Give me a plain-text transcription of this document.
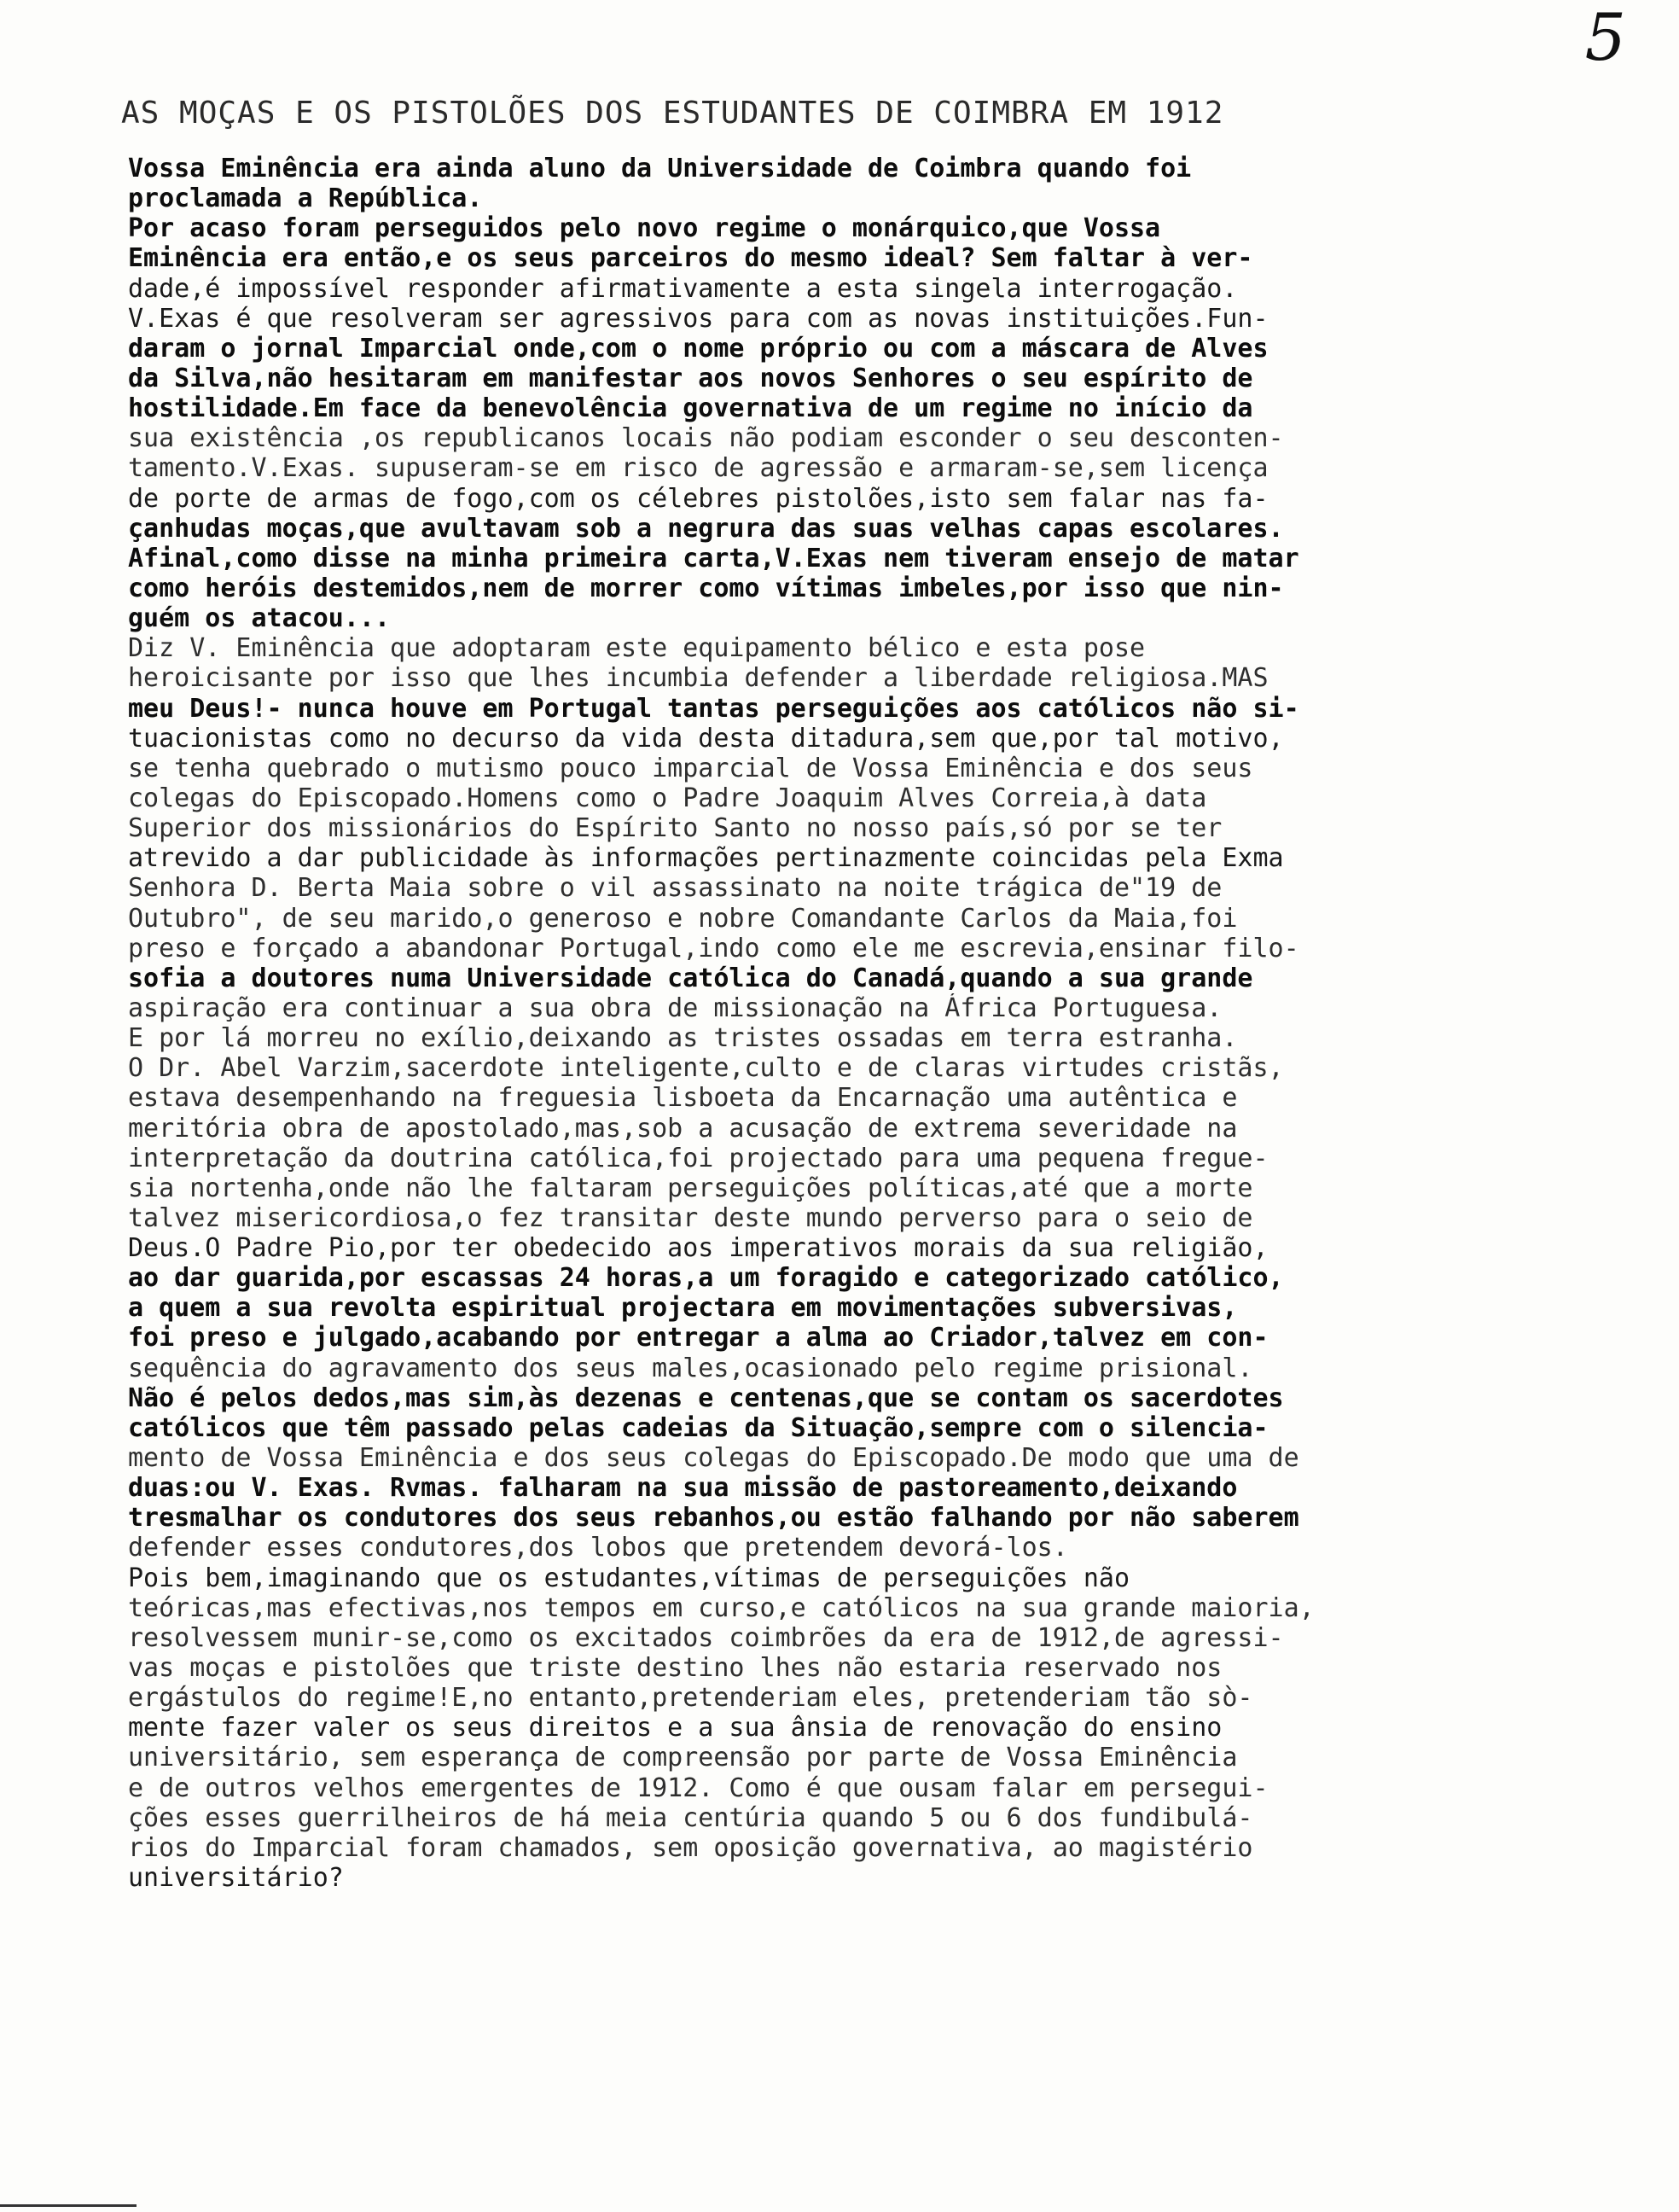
5
AS MOÇAS E OS PISTOLÕES DOS ESTUDANTES DE COIMBRA EM 1912
Vossa Eminência era ainda aluno da Universidade de Coimbra quando foi
proclamada a República.
Por acaso foram perseguidos pelo novo regime o monárquico,que Vossa
Eminência era então,e os seus parceiros do mesmo ideal? Sem faltar à ver-
dade,é impossível responder afirmativamente a esta singela interrogação.
V.Exas é que resolveram ser agressivos para com as novas instituições.Fun-
daram o jornal Imparcial onde,com o nome próprio ou com a máscara de Alves
da Silva,não hesitaram em manifestar aos novos Senhores o seu espírito de
hostilidade.Em face da benevolência governativa de um regime no início da
sua existência ,os republicanos locais não podiam esconder o seu desconten-
tamento.V.Exas. supuseram-se em risco de agressão e armaram-se,sem licença
de porte de armas de fogo,com os célebres pistolões,isto sem falar nas fa-
çanhudas moças,que avultavam sob a negrura das suas velhas capas escolares.
Afinal,como disse na minha primeira carta,V.Exas nem tiveram ensejo de matar
como heróis destemidos,nem de morrer como vítimas imbeles,por isso que nin-
guém os atacou...
Diz V. Eminência que adoptaram este equipamento bélico e esta pose
heroicisante por isso que lhes incumbia defender a liberdade religiosa.MAS
meu Deus!- nunca houve em Portugal tantas perseguições aos católicos não si-
tuacionistas como no decurso da vida desta ditadura,sem que,por tal motivo,
se tenha quebrado o mutismo pouco imparcial de Vossa Eminência e dos seus
colegas do Episcopado.Homens como o Padre Joaquim Alves Correia,à data
Superior dos missionários do Espírito Santo no nosso país,só por se ter
atrevido a dar publicidade às informações pertinazmente coincidas pela Exma
Senhora D. Berta Maia sobre o vil assassinato na noite trágica de"19 de
Outubro", de seu marido,o generoso e nobre Comandante Carlos da Maia,foi
preso e forçado a abandonar Portugal,indo como ele me escrevia,ensinar filo-
sofia a doutores numa Universidade católica do Canadá,quando a sua grande
aspiração era continuar a sua obra de missionação na África Portuguesa.
E por lá morreu no exílio,deixando as tristes ossadas em terra estranha.
O Dr. Abel Varzim,sacerdote inteligente,culto e de claras virtudes cristãs,
estava desempenhando na freguesia lisboeta da Encarnação uma autêntica e
meritória obra de apostolado,mas,sob a acusação de extrema severidade na
interpretação da doutrina católica,foi projectado para uma pequena fregue-
sia nortenha,onde não lhe faltaram perseguições políticas,até que a morte
talvez misericordiosa,o fez transitar deste mundo perverso para o seio de
Deus.O Padre Pio,por ter obedecido aos imperativos morais da sua religião,
ao dar guarida,por escassas 24 horas,a um foragido e categorizado católico,
a quem a sua revolta espiritual projectara em movimentações subversivas,
foi preso e julgado,acabando por entregar a alma ao Criador,talvez em con-
sequência do agravamento dos seus males,ocasionado pelo regime prisional.
Não é pelos dedos,mas sim,às dezenas e centenas,que se contam os sacerdotes
católicos que têm passado pelas cadeias da Situação,sempre com o silencia-
mento de Vossa Eminência e dos seus colegas do Episcopado.De modo que uma de
duas:ou V. Exas. Rvmas. falharam na sua missão de pastoreamento,deixando
tresmalhar os condutores dos seus rebanhos,ou estão falhando por não saberem
defender esses condutores,dos lobos que pretendem devorá-los.
Pois bem,imaginando que os estudantes,vítimas de perseguições não
teóricas,mas efectivas,nos tempos em curso,e católicos na sua grande maioria,
resolvessem munir-se,como os excitados coimbrões da era de 1912,de agressi-
vas moças e pistolões que triste destino lhes não estaria reservado nos
ergástulos do regime!E,no entanto,pretenderiam eles, pretenderiam tão sò-
mente fazer valer os seus direitos e a sua ânsia de renovação do ensino
universitário, sem esperança de compreensão por parte de Vossa Eminência
e de outros velhos emergentes de 1912. Como é que ousam falar em persegui-
ções esses guerrilheiros de há meia centúria quando 5 ou 6 dos fundibulá-
rios do Imparcial foram chamados, sem oposição governativa, ao magistério
universitário?
